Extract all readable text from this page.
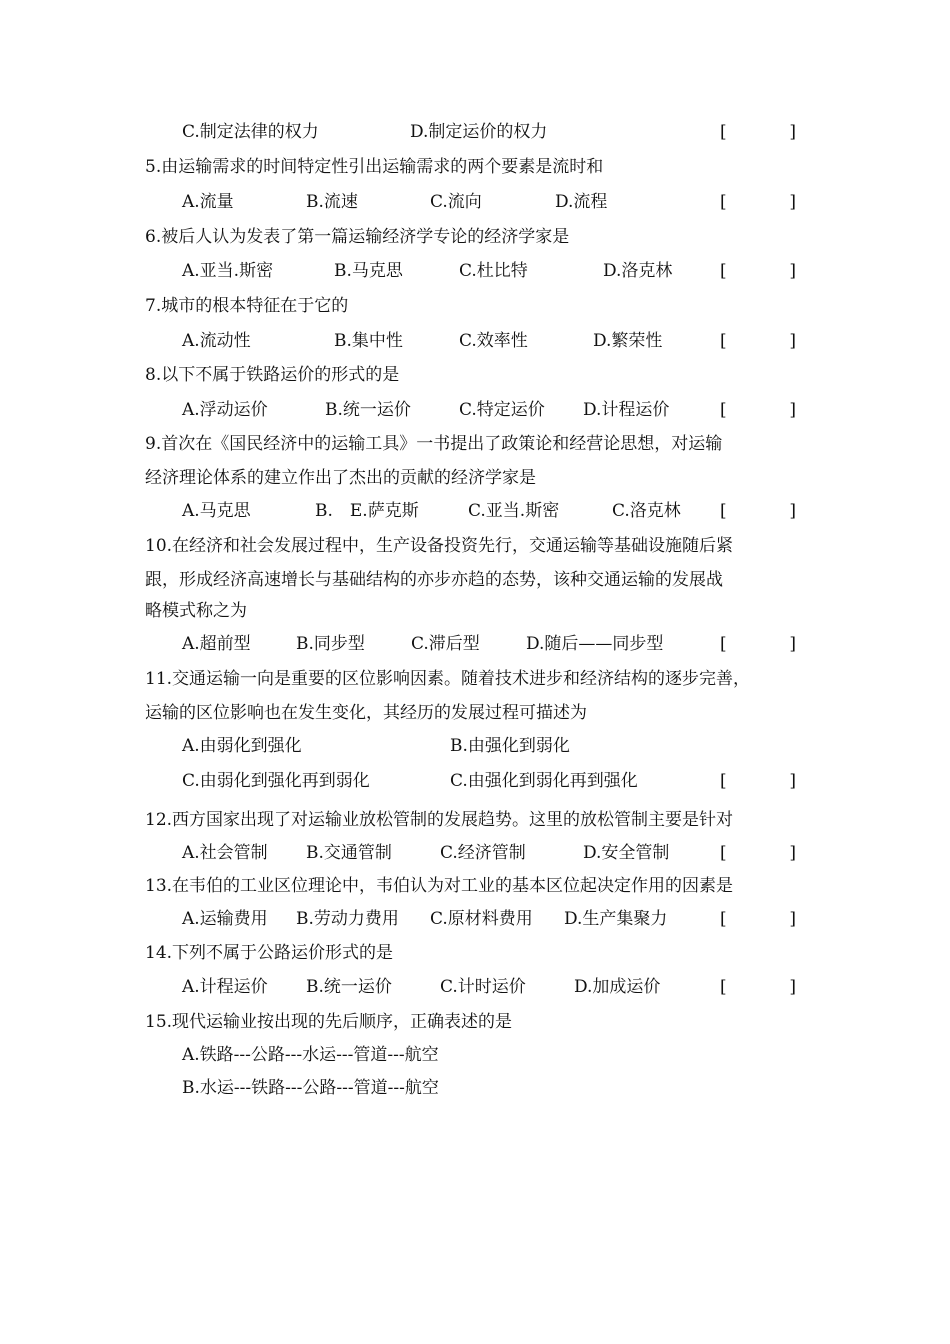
C.制定法律的权力	D.制定运价的权力	[	]
5.由运输需求的时间特定性引出运输需求的两个要素是流时和
A.流量	B.流速	C.流向	D.流程	[	]
6.被后人认为发表了第一篇运输经济学专论的经济学家是
A.亚当.斯密	B.马克思	C.杜比特	D.洛克林	[	]
7.城市的根本特征在于它的
A.流动性	B.集中性	C.效率性	D.繁荣性	[	]
8.以下不属于铁路运价的形式的是
A.浮动运价	B.统一运价	C.特定运价 D.计程运价	[	]
9.首次在《国民经济中的运输工具》一书提出了政策论和经营论思想，对运输
经济理论体系的建立作出了杰出的贡献的经济学家是
A.马克思	B.　E.萨克斯	C.亚当.斯密	C.洛克林 [	]
10.在经济和社会发展过程中，生产设备投资先行，交通运输等基础设施随后紧
跟，形成经济高速增长与基础结构的亦步亦趋的态势，该种交通运输的发展战
略模式称之为
A.超前型	B.同步型	C.滞后型	D.随后——同步型	[	]
11.交通运输一向是重要的区位影响因素。随着技术进步和经济结构的逐步完善，
运输的区位影响也在发生变化，其经历的发展过程可描述为
A.由弱化到强化	B.由强化到弱化
C.由弱化到强化再到弱化	C.由强化到弱化再到强化	[	]
12.西方国家出现了对运输业放松管制的发展趋势。这里的放松管制主要是针对
A.社会管制 B.交通管制	C.经济管制	D.安全管制	[	]
13.在韦伯的工业区位理论中，韦伯认为对工业的基本区位起决定作用的因素是
A.运输费用 B.劳动力费用 C.原材料费用 D.生产集聚力	[	]
14.下列不属于公路运价形式的是
A.计程运价 B.统一运价	C.计时运价	D.加成运价	[	]
15.现代运输业按出现的先后顺序，正确表述的是
A.铁路---公路---水运---管道---航空
B.水运---铁路---公路---管道---航空
